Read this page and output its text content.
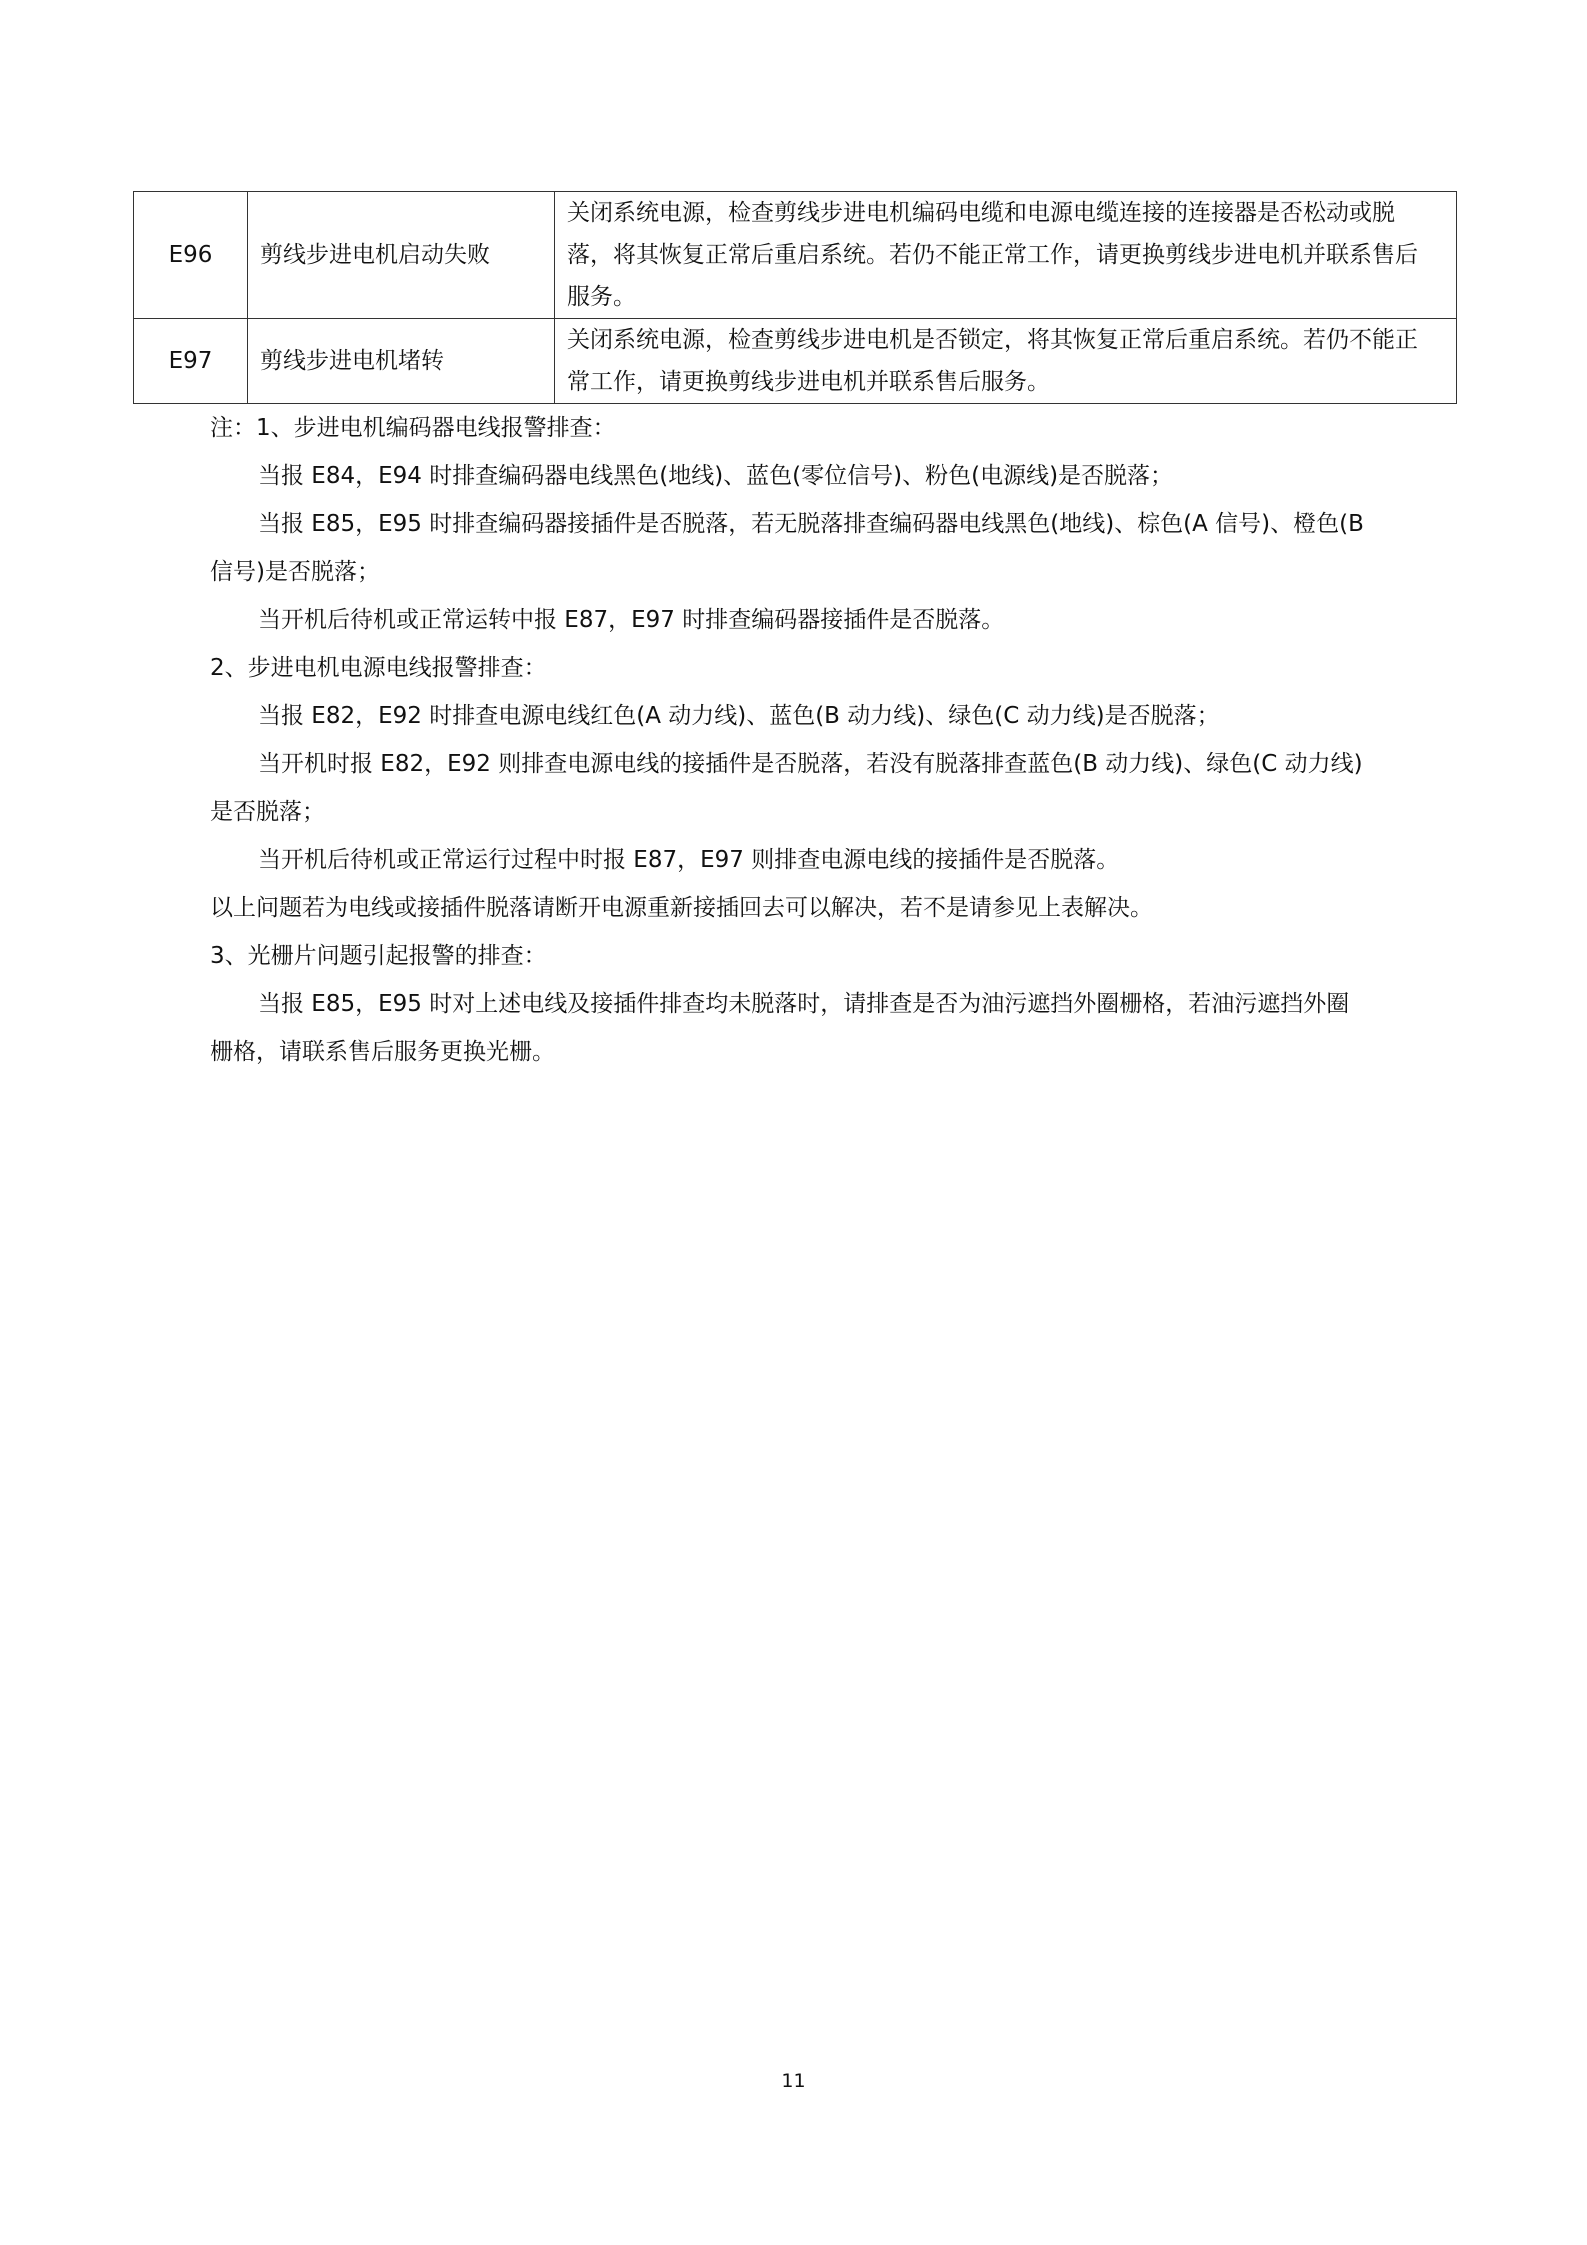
E96	剪线步进电机启动失败	关闭系统电源，检查剪线步进电机编码电缆和电源电缆连接的连接器是否松动或脱
落，将其恢复正常后重启系统。若仍不能正常工作，请更换剪线步进电机并联系售后
服务。

E97	剪线步进电机堵转	关闭系统电源，检查剪线步进电机是否锁定，将其恢复正常后重启系统。若仍不能正
常工作，请更换剪线步进电机并联系售后服务。

注：1、步进电机编码器电线报警排查：

当报 E84，E94 时排查编码器电线黑色(地线)、蓝色(零位信号)、粉色(电源线)是否脱落；

当报 E85，E95 时排查编码器接插件是否脱落，若无脱落排查编码器电线黑色(地线)、棕色(A 信号)、橙色(B

信号)是否脱落；

当开机后待机或正常运转中报 E87，E97 时排查编码器接插件是否脱落。

2、步进电机电源电线报警排查：

当报 E82，E92 时排查电源电线红色(A 动力线)、蓝色(B 动力线)、绿色(C 动力线)是否脱落；

当开机时报 E82，E92 则排查电源电线的接插件是否脱落，若没有脱落排查蓝色(B 动力线)、绿色(C 动力线)

是否脱落；

当开机后待机或正常运行过程中时报 E87，E97 则排查电源电线的接插件是否脱落。

以上问题若为电线或接插件脱落请断开电源重新接插回去可以解决，若不是请参见上表解决。

3、光栅片问题引起报警的排查：

当报 E85，E95 时对上述电线及接插件排查均未脱落时，请排查是否为油污遮挡外圈栅格，若油污遮挡外圈

栅格，请联系售后服务更换光栅。

11
